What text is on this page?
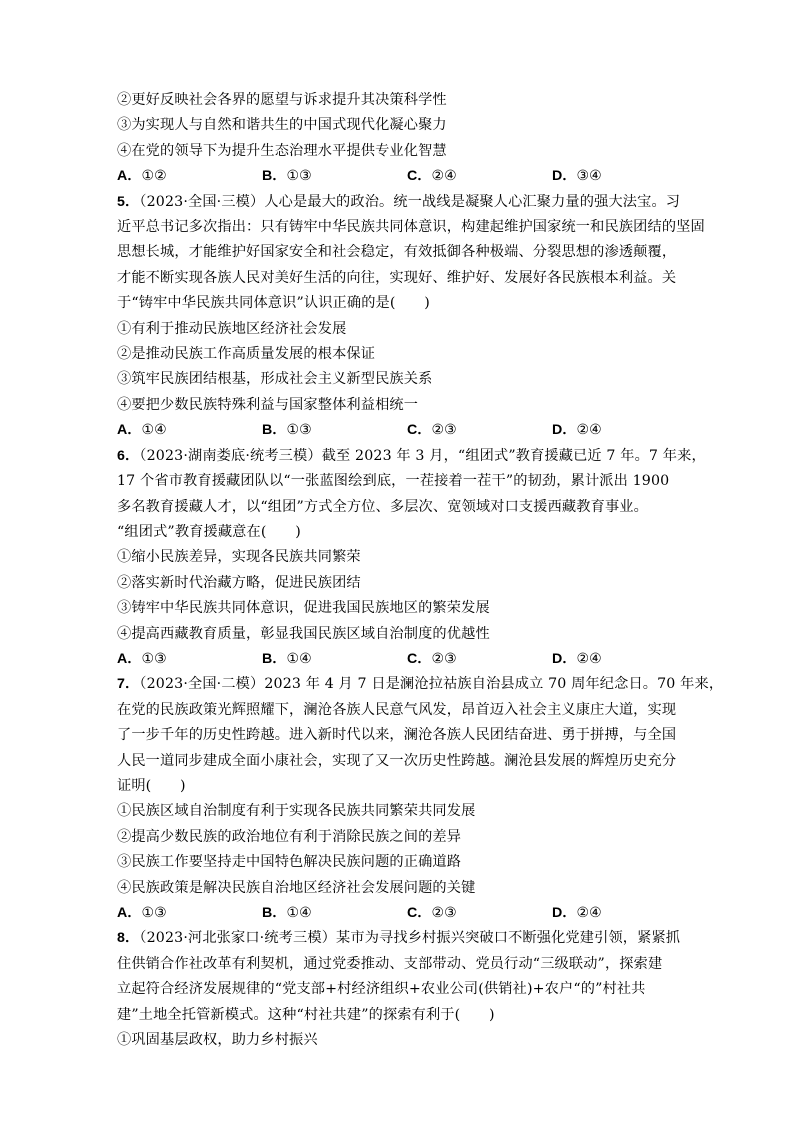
②更好反映社会各界的愿望与诉求提升其决策科学性
③为实现人与自然和谐共生的中国式现代化凝心聚力
④在党的领导下为提升生态治理水平提供专业化智慧
A．①②	B．①③	C．②④	D．③④
5．（2023·全国·三模）人心是最大的政治。统一战线是凝聚人心汇聚力量的强大法宝。习
近平总书记多次指出：只有铸牢中华民族共同体意识，构建起维护国家统一和民族团结的坚固
思想长城，才能维护好国家安全和社会稳定，有效抵御各种极端、分裂思想的渗透颠覆，
才能不断实现各族人民对美好生活的向往，实现好、维护好、发展好各民族根本利益。关
于“铸牢中华民族共同体意识”认识正确的是(　　)
①有利于推动民族地区经济社会发展
②是推动民族工作高质量发展的根本保证
③筑牢民族团结根基，形成社会主义新型民族关系
④要把少数民族特殊利益与国家整体利益相统一
A．①④	B．①③	C．②③	D．②④
6．（2023·湖南娄底·统考三模）截至 2023 年 3 月，“组团式”教育援藏已近 7 年。7 年来，
17 个省市教育援藏团队以“一张蓝图绘到底，一茬接着一茬干”的韧劲，累计派出 1900
多名教育援藏人才，以“组团”方式全方位、多层次、宽领域对口支援西藏教育事业。
“组团式”教育援藏意在(　　)
①缩小民族差异，实现各民族共同繁荣
②落实新时代治藏方略，促进民族团结
③铸牢中华民族共同体意识，促进我国民族地区的繁荣发展
④提高西藏教育质量，彰显我国民族区域自治制度的优越性
A．①③	B．①④	C．②③	D．②④
7．（2023·全国·二模）2023 年 4 月 7 日是澜沧拉祜族自治县成立 70 周年纪念日。70 年来，
在党的民族政策光辉照耀下，澜沧各族人民意气风发，昂首迈入社会主义康庄大道，实现
了一步千年的历史性跨越。进入新时代以来，澜沧各族人民团结奋进、勇于拼搏，与全国
人民一道同步建成全面小康社会，实现了又一次历史性跨越。澜沧县发展的辉煌历史充分
证明(　　)
①民族区域自治制度有利于实现各民族共同繁荣共同发展
②提高少数民族的政治地位有利于消除民族之间的差异
③民族工作要坚持走中国特色解决民族问题的正确道路
④民族政策是解决民族自治地区经济社会发展问题的关键
A．①③	B．①④	C．②③	D．②④
8．（2023·河北张家口·统考三模）某市为寻找乡村振兴突破口不断强化党建引领，紧紧抓
住供销合作社改革有利契机，通过党委推动、支部带动、党员行动“三级联动”，探索建
立起符合经济发展规律的“党支部+村经济组织+农业公司(供销社)+农户“的”村社共
建”土地全托管新模式。这种“村社共建”的探索有利于(　　)
①巩固基层政权，助力乡村振兴
